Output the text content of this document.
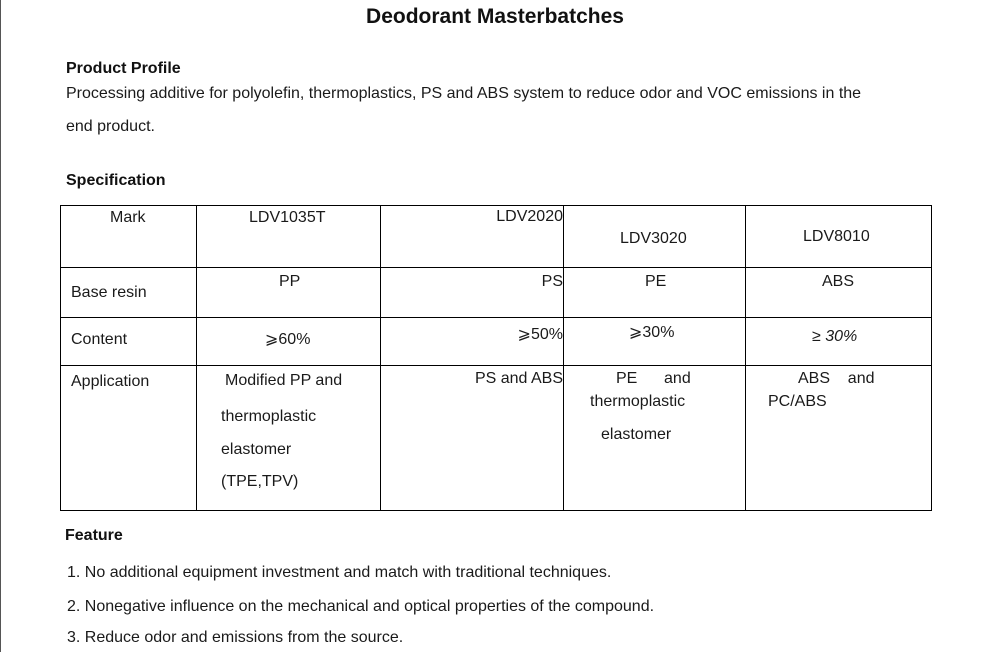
Deodorant Masterbatches
Product Profile
Processing additive for polyolefin, thermoplastics, PS and ABS system to reduce odor and VOC emissions in the
end product.
Specification
Mark	LDV1035T	LDV2020	LDV3020	LDV8010

Base resin	PP	PS	PE	ABS

Content	⩾60%	⩾50%	⩾30%	≥ 30%

Application	Modified PP and
thermoplastic
elastomer
(TPE,TPV)	PS and ABS	PE      and
thermoplastic
elastomer	ABS    and
PC/ABS
Feature
1. No additional equipment investment and match with traditional techniques.
2. Nonegative influence on the mechanical and optical properties of the compound.
3. Reduce odor and emissions from the source.
